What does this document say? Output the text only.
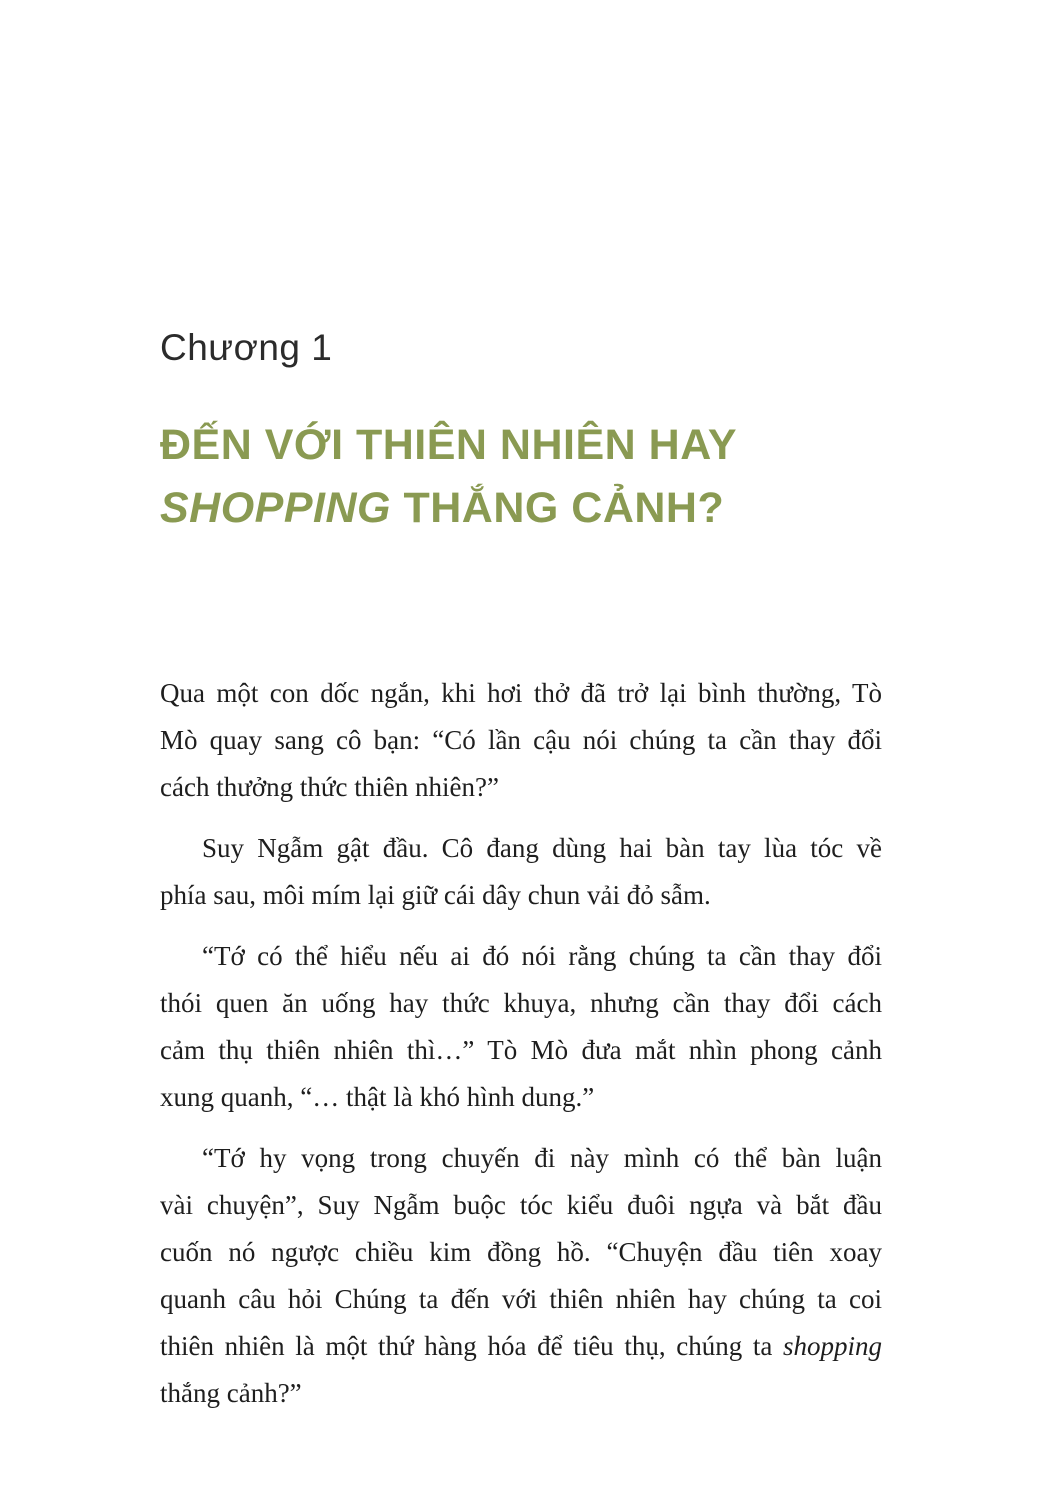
Chương 1
ĐẾN VỚI THIÊN NHIÊN HAY
SHOPPING THẮNG CẢNH?
Qua một con dốc ngắn, khi hơi thở đã trở lại bình thường, Tò
Mò quay sang cô bạn: “Có lần cậu nói chúng ta cần thay đổi
cách thưởng thức thiên nhiên?”
Suy Ngẫm gật đầu. Cô đang dùng hai bàn tay lùa tóc về
phía sau, môi mím lại giữ cái dây chun vải đỏ sẫm.
“Tớ có thể hiểu nếu ai đó nói rằng chúng ta cần thay đổi
thói quen ăn uống hay thức khuya, nhưng cần thay đổi cách
cảm thụ thiên nhiên thì…” Tò Mò đưa mắt nhìn phong cảnh
xung quanh, “… thật là khó hình dung.”
“Tớ hy vọng trong chuyến đi này mình có thể bàn luận
vài chuyện”, Suy Ngẫm buộc tóc kiểu đuôi ngựa và bắt đầu
cuốn nó ngược chiều kim đồng hồ. “Chuyện đầu tiên xoay
quanh câu hỏi Chúng ta đến với thiên nhiên hay chúng ta coi
thiên nhiên là một thứ hàng hóa để tiêu thụ, chúng ta shopping
thắng cảnh?”
